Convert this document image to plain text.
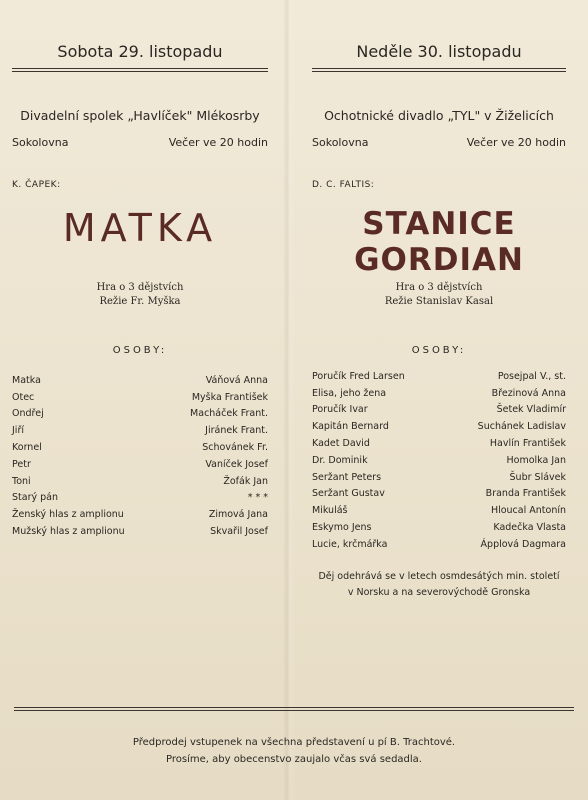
Sobota 29. listopadu
Divadelní spolek „Havlíček" Mlékosrby
Sokolovna	Večer ve 20 hodin
K. ČAPEK:
MATKA
Hra o 3 dějstvích
Režie Fr. Myška
OSOBY:
Matka	Váňová Anna
Otec	Myška František
Ondřej	Macháček Frant.
Jiří	Jiránek Frant.
Kornel	Schovánek Fr.
Petr	Vaníček Josef
Toni	Žofák Jan
Starý pán	* * *
Ženský hlas z amplionu	Zimová Jana
Mužský hlas z amplionu	Skvařil Josef
Neděle 30. listopadu
Ochotnické divadlo „TYL" v Žiželicích
Sokolovna	Večer ve 20 hodin
D. C. FALTIS:
STANICE GORDIAN
Hra o 3 dějstvích
Režie Stanislav Kasal
OSOBY:
Poručík Fred Larsen	Posejpal V., st.
Elisa, jeho žena	Březinová Anna
Poručík Ivar	Šetek Vladimír
Kapitán Bernard	Suchánek Ladislav
Kadet David	Havlín František
Dr. Dominik	Homolka Jan
Seržant Peters	Šubr Slávek
Seržant Gustav	Branda František
Mikuláš	Hloucal Antonín
Eskymo Jens	Kadečka Vlasta
Lucie, krčmářka	Ápplová Dagmara
Děj odehrává se v letech osmdesátých min. století
v Norsku a na severovýchodě Gronska
Předprodej vstupenek na všechna představení u pí B. Trachtové.
Prosíme, aby obecenstvo zaujalo včas svá sedadla.
